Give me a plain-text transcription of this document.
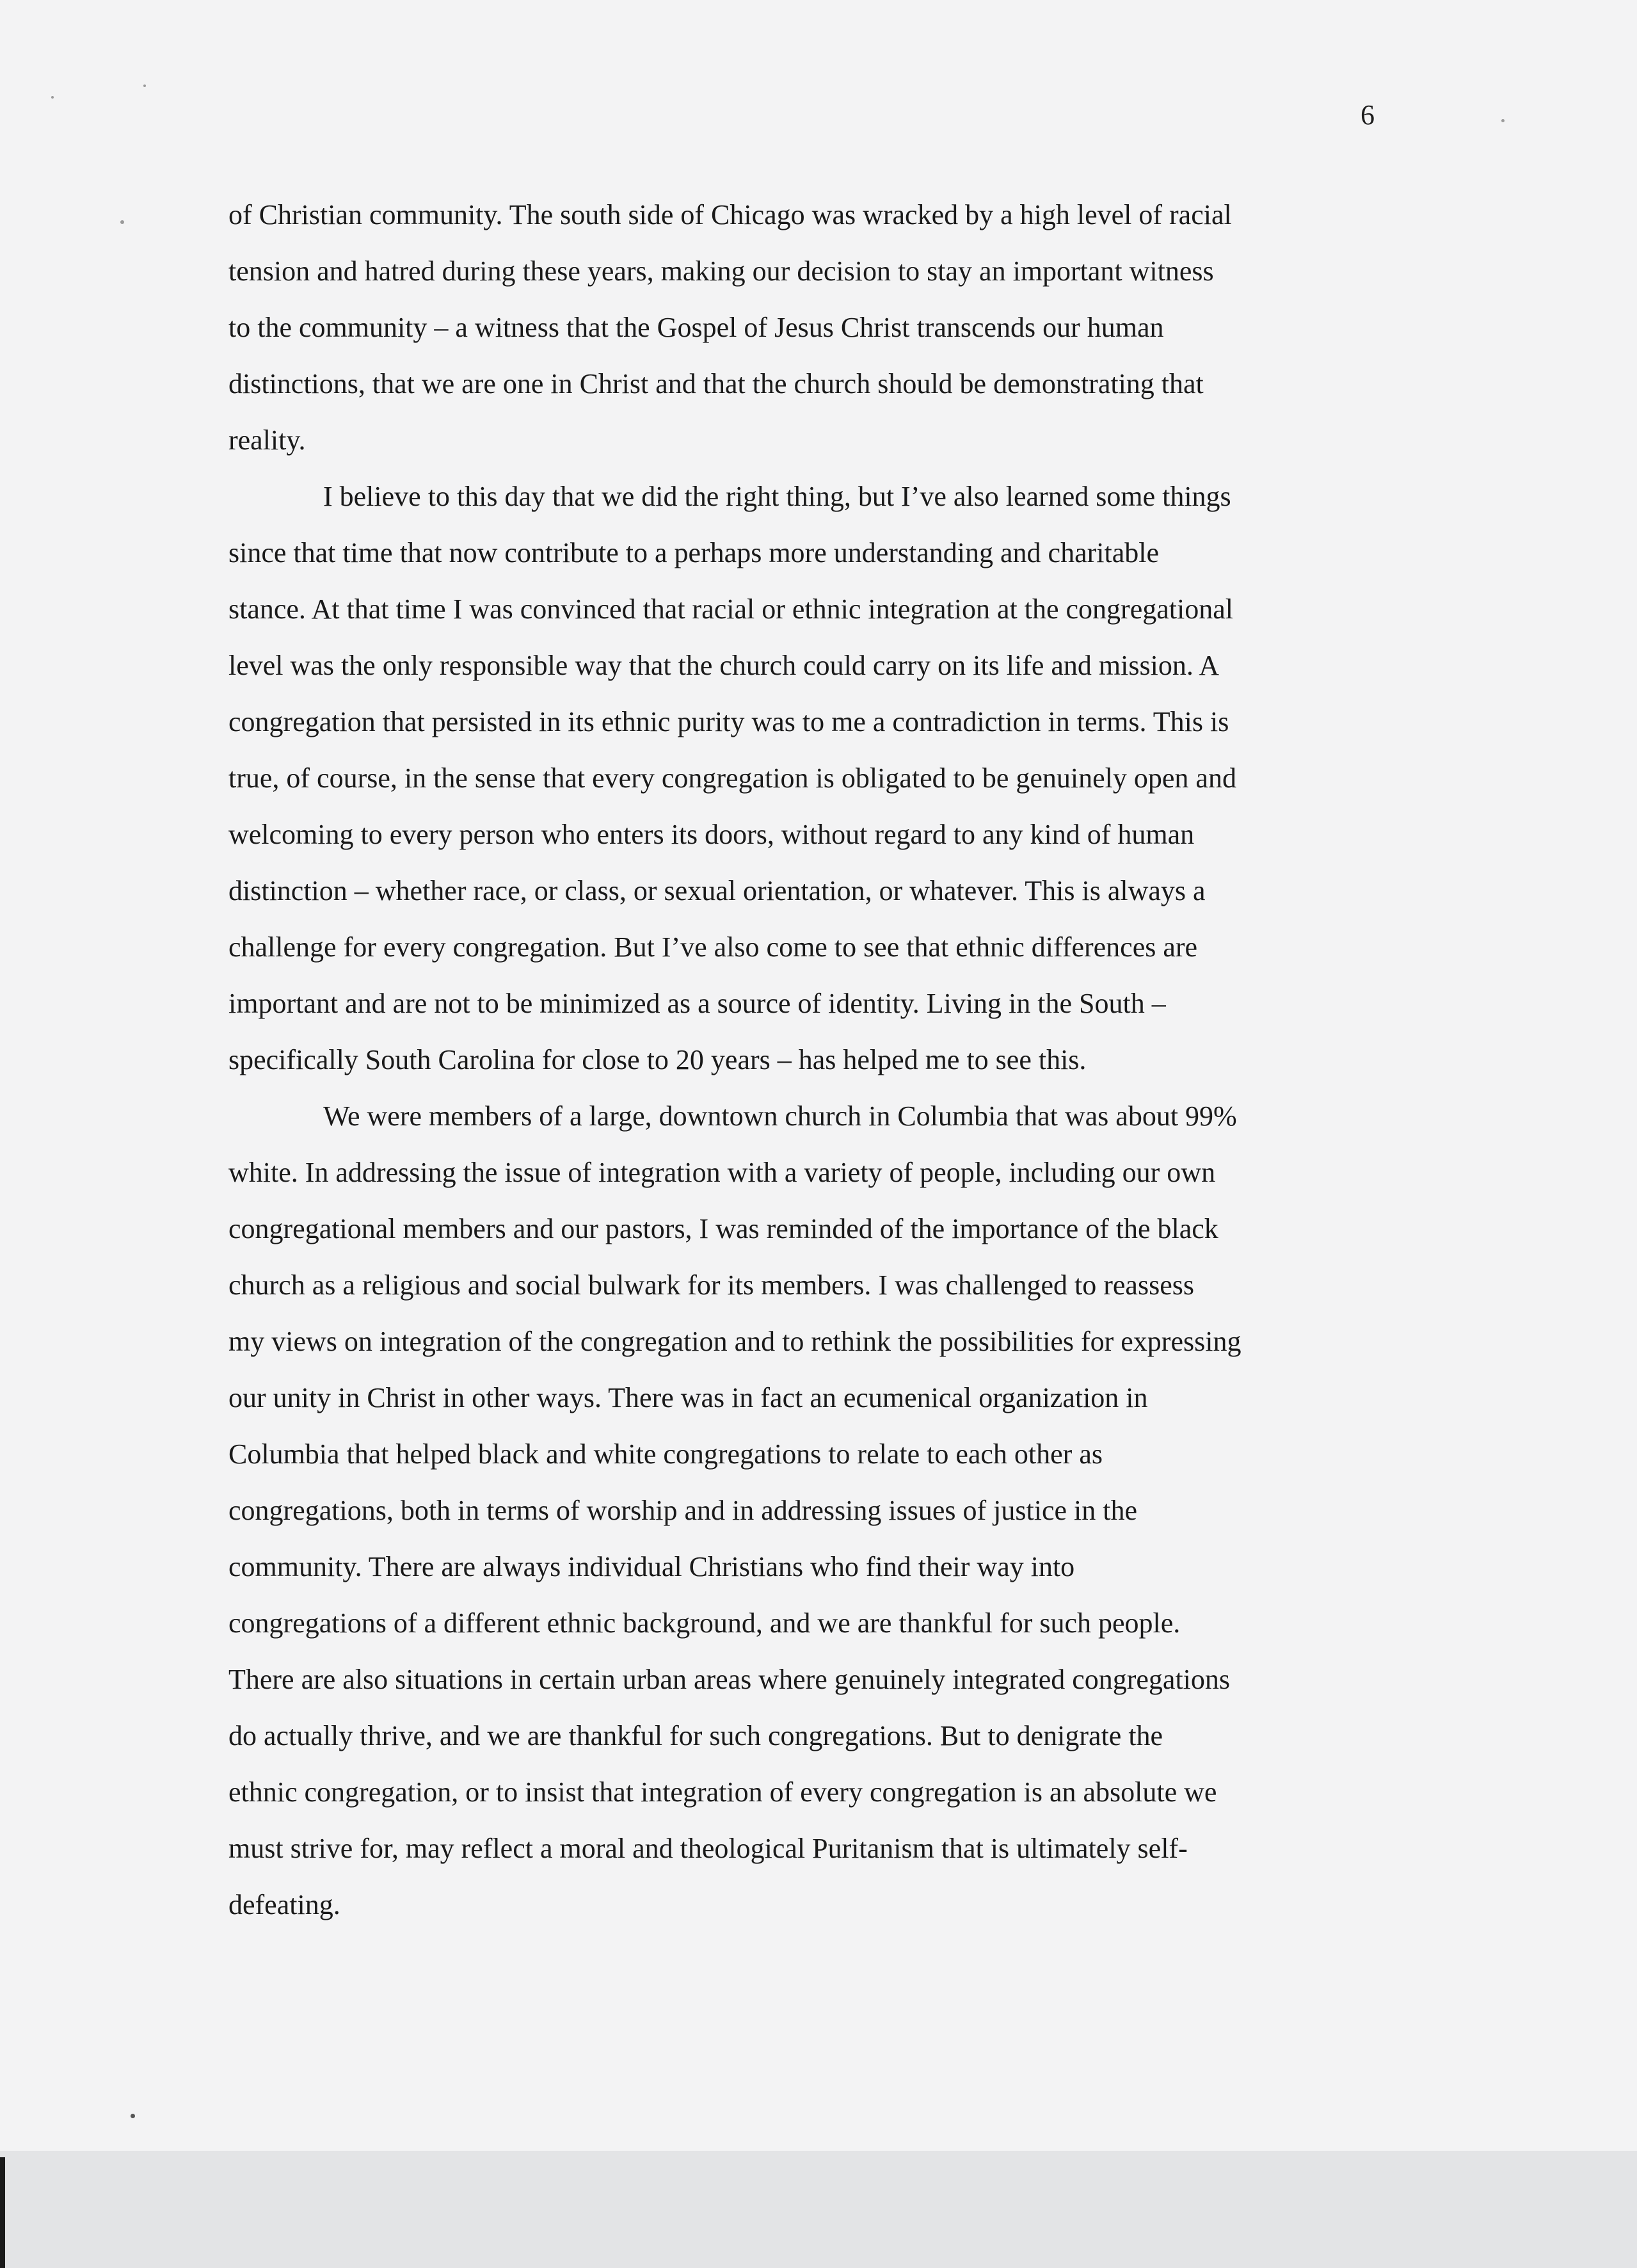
6
of Christian community. The south side of Chicago was wracked by a high level of racial
tension and hatred during these years, making our decision to stay an important witness
to the community – a witness that the Gospel of Jesus Christ transcends our human
distinctions, that we are one in Christ and that the church should be demonstrating that
reality.
I believe to this day that we did the right thing, but I’ve also learned some things
since that time that now contribute to a perhaps more understanding and charitable
stance. At that time I was convinced that racial or ethnic integration at the congregational
level was the only responsible way that the church could carry on its life and mission. A
congregation that persisted in its ethnic purity was to me a contradiction in terms. This is
true, of course, in the sense that every congregation is obligated to be genuinely open and
welcoming to every person who enters its doors, without regard to any kind of human
distinction – whether race, or class, or sexual orientation, or whatever. This is always a
challenge for every congregation. But I’ve also come to see that ethnic differences are
important and are not to be minimized as a source of identity. Living in the South –
specifically South Carolina for close to 20 years – has helped me to see this.
We were members of a large, downtown church in Columbia that was about 99%
white. In addressing the issue of integration with a variety of people, including our own
congregational members and our pastors, I was reminded of the importance of the black
church as a religious and social bulwark for its members. I was challenged to reassess
my views on integration of the congregation and to rethink the possibilities for expressing
our unity in Christ in other ways. There was in fact an ecumenical organization in
Columbia that helped black and white congregations to relate to each other as
congregations, both in terms of worship and in addressing issues of justice in the
community. There are always individual Christians who find their way into
congregations of a different ethnic background, and we are thankful for such people.
There are also situations in certain urban areas where genuinely integrated congregations
do actually thrive, and we are thankful for such congregations. But to denigrate the
ethnic congregation, or to insist that integration of every congregation is an absolute we
must strive for, may reflect a moral and theological Puritanism that is ultimately self-
defeating.
